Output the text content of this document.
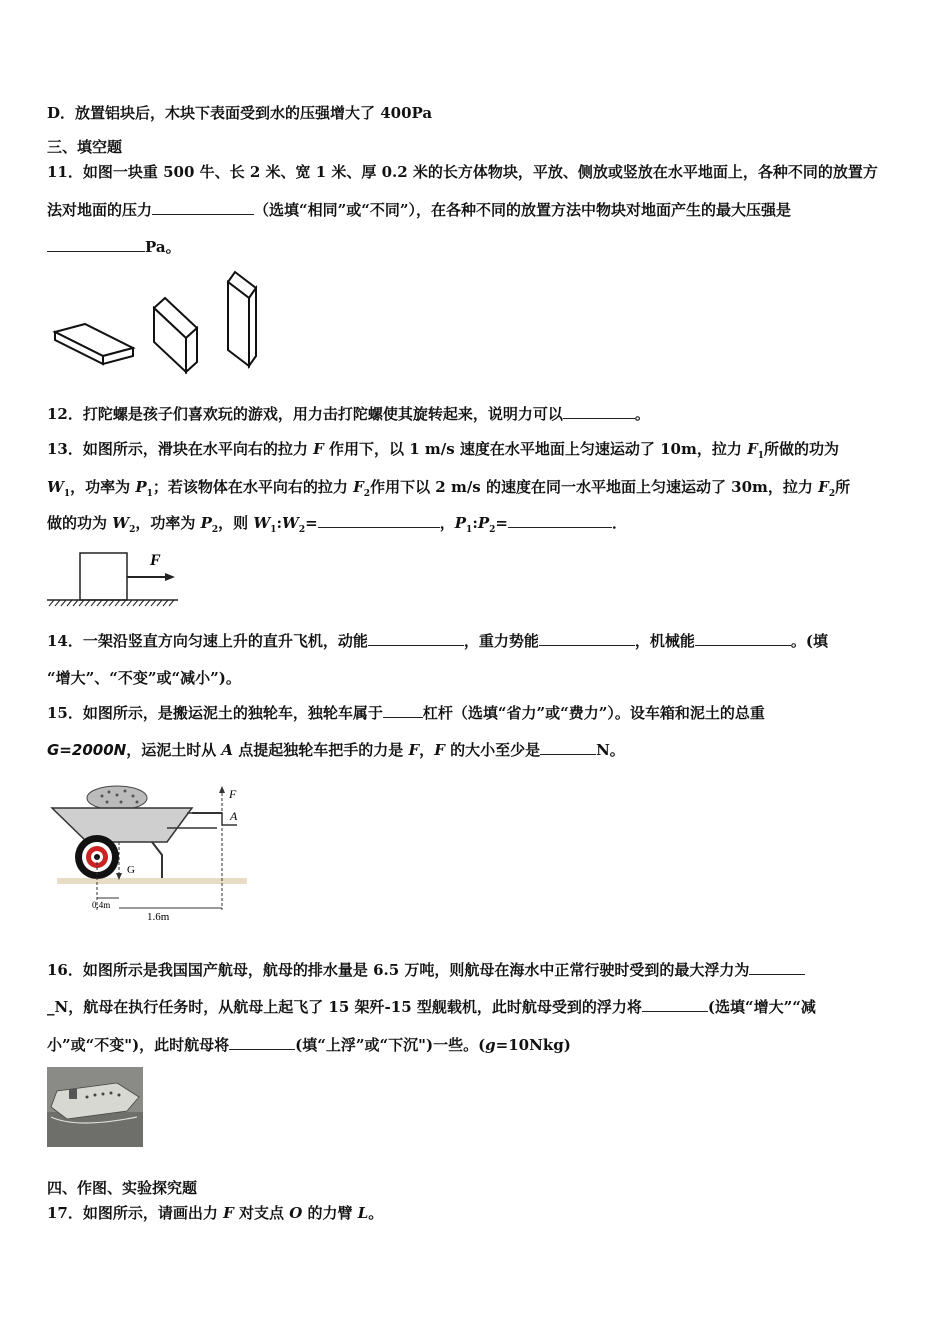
D．放置铝块后，木块下表面受到水的压强增大了 400Pa
三、填空题
11．如图一块重 500 牛、长 2 米、宽 1 米、厚 0.2 米的长方体物块，平放、侧放或竖放在水平地面上，各种不同的放置方
法对地面的压力	（选填“相同”或“不同”），在各种不同的放置方法中物块对地面产生的最大压强是
Pa。
12．打陀螺是孩子们喜欢玩的游戏，用力击打陀螺使其旋转起来，说明力可以	。
13．如图所示，滑块在水平向右的拉力 F 作用下，以 1 m/s 速度在水平地面上匀速运动了 10m，拉力 $F_1$所做的功为
$W_1$，功率为 $P_1$；若该物体在水平向右的拉力 $F_2$作用下以 2 m/s 的速度在同一水平地面上匀速运动了 30m，拉力 $F_2$所
做的功为 $W_2$，功率为 $P_2$，则 $W_1:W_2=$	，$P_1:P_2=$	．
F
14．一架沿竖直方向匀速上升的直升飞机，动能	，重力势能	，机械能	。(填
“增大”、“不变”或“减小”)。
15．如图所示，是搬运泥土的独轮车，独轮车属于	杠杆（选填“省力”或“费力”）。设车箱和泥土的总重
G=2000N，运泥土时从 A 点提起独轮车把手的力是 F，F 的大小至少是	N。
G
F
A
0.4m
1.6m
16．如图所示是我国国产航母，航母的排水量是 6.5 万吨，则航母在海水中正常行驶时受到的最大浮力为
_N，航母在执行任务时，从航母上起飞了 15 架歼-15 型舰载机，此时航母受到的浮力将	(选填“增大”“减
小”或“不变")，此时航母将	(填“上浮”或“下沉")一些。(g=10Nkg)
四、作图、实验探究题
17．如图所示，请画出力 F 对支点 O 的力臂 L。
